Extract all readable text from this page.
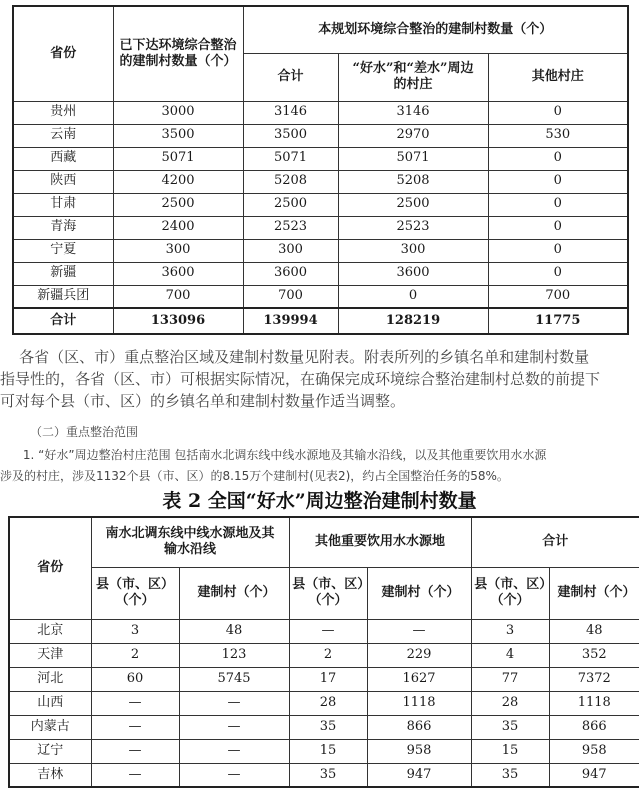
省份	已下达环境综合整治的建制村数量（个）	本规划环境综合整治的建制村数量（个）		
		合计	“好水”和“差水”周边的村庄	其他村庄
贵州	3000	3146	3146	0
云南	3500	3500	2970	530
西藏	5071	5071	5071	0
陕西	4200	5208	5208	0
甘肃	2500	2500	2500	0
青海	2400	2523	2523	0
宁夏	300	300	300	0
新疆	3600	3600	3600	0
新疆兵团	700	700	0	700
合计	133096	139994	128219	11775
各省（区、市）重点整治区域及建制村数量见附表。附表所列的乡镇名单和建制村数量
指导性的，各省（区、市）可根据实际情况，在确保完成环境综合整治建制村总数的前提下
可对每个县（市、区）的乡镇名单和建制村数量作适当调整。
（二）重点整治范围
1. “好水”周边整治村庄范围 包括南水北调东线中线水源地及其输水沿线，以及其他重要饮用水水源
涉及的村庄，涉及1132个县（市、区）的8.15万个建制村(见表2)，约占全国整治任务的58%。
表 2 全国“好水”周边整治建制村数量
省份	南水北调东线中线水源地及其输水沿线		其他重要饮用水水源地		合计	
	县（市、区）（个）	建制村（个）	县（市、区）（个）	建制村（个）	县（市、区）（个）	建制村（个）
北京	3	48	—	—	3	48
天津	2	123	2	229	4	352
河北	60	5745	17	1627	77	7372
山西	—	—	28	1118	28	1118
内蒙古	—	—	35	866	35	866
辽宁	—	—	15	958	15	958
吉林	—	—	35	947	35	947
